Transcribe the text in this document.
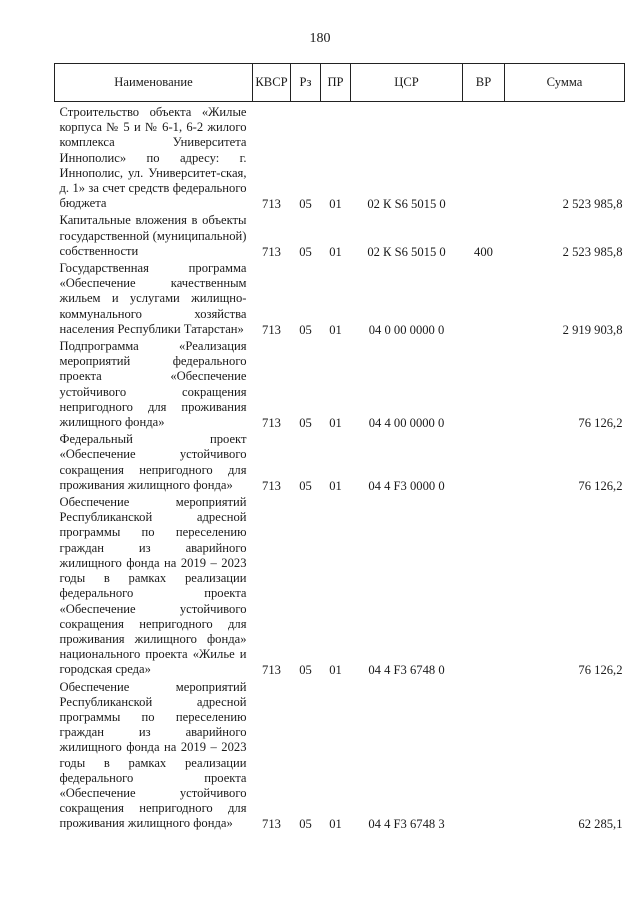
180
Наименование	КВСР	Рз	ПР	ЦСР	ВР	Сумма
Строительство объекта «Жилые корпуса № 5 и № 6-1, 6-2 жилого комплекса Университета Иннополис» по адресу: г. Иннополис, ул. Университет-ская, д. 1» за счет средств федерального бюджета	713	05	01	02 К S6 5015 0		2 523 985,8
Капитальные вложения в объекты государственной (муниципальной) собственности	713	05	01	02 К S6 5015 0	400	2 523 985,8
Государственная программа «Обеспечение качественным жильем и услугами жилищно-коммунального хозяйства населения Республики Татарстан»	713	05	01	04 0 00 0000 0		2 919 903,8
Подпрограмма «Реализация мероприятий федерального проекта «Обеспечение устойчивого сокращения непригодного для проживания жилищного фонда»	713	05	01	04 4 00 0000 0		76 126,2
Федеральный проект «Обеспечение устойчивого сокращения непригодного для проживания жилищного фонда»	713	05	01	04 4 F3 0000 0		76 126,2
Обеспечение мероприятий Республиканской адресной программы по переселению граждан из аварийного жилищного фонда на 2019 – 2023 годы в рамках реализации федерального проекта «Обеспечение устойчивого сокращения непригодного для проживания жилищного фонда» национального проекта «Жилье и городская среда»	713	05	01	04 4 F3 6748 0		76 126,2
Обеспечение мероприятий Республиканской адресной программы по переселению граждан из аварийного жилищного фонда на 2019 – 2023 годы в рамках реализации федерального проекта «Обеспечение устойчивого сокращения непригодного для проживания жилищного фонда»	713	05	01	04 4 F3 6748 3		62 285,1
